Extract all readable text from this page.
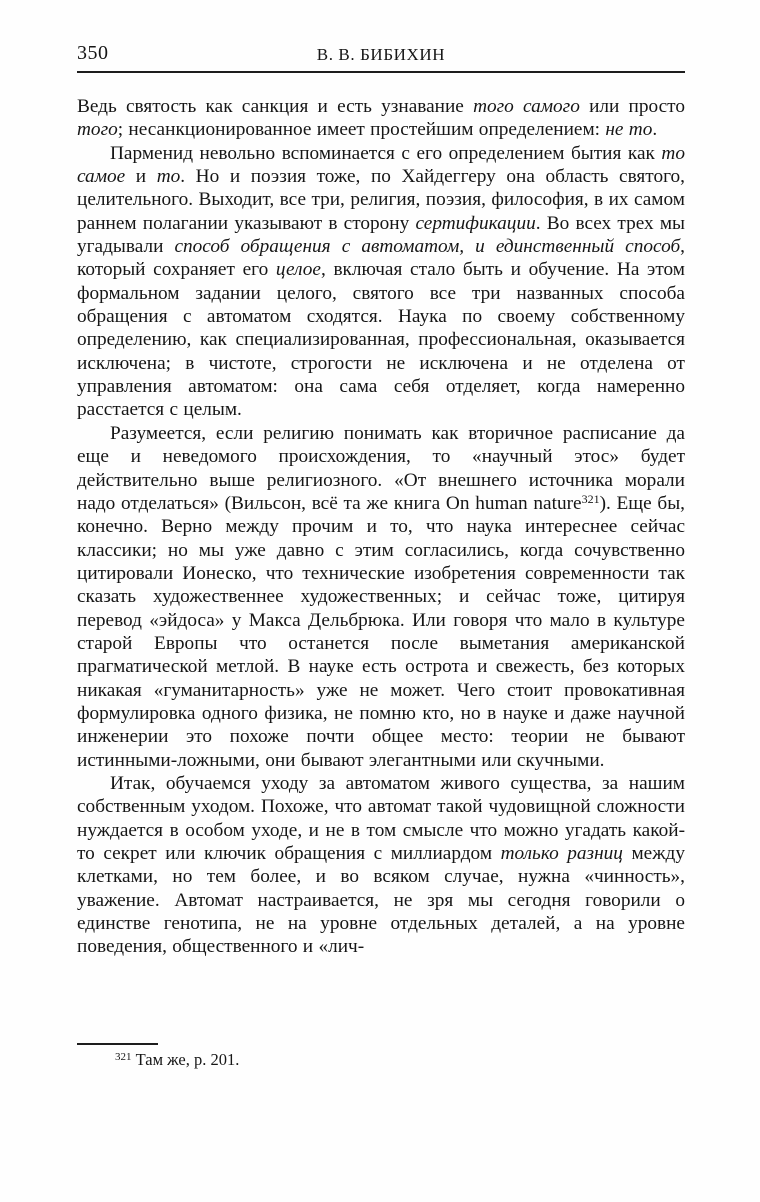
350	В. В. БИБИХИН

Ведь святость как санкция и есть узнавание того самого или просто того; несанкционированное имеет простейшим определением: не то.

Парменид невольно вспоминается с его определением бытия как то самое и то. Но и поэзия тоже, по Хайдеггеру она область святого, целительного. Выходит, все три, религия, поэзия, философия, в их самом раннем полагании указывают в сторону сертификации. Во всех трех мы угадывали способ обращения с автоматом, и единственный способ, который сохраняет его целое, включая стало быть и обучение. На этом формальном задании целого, святого все три названных способа обращения с автоматом сходятся. Наука по своему собственному определению, как специализированная, профессиональная, оказывается исключена; в чистоте, строгости не исключена и не отделена от управления автоматом: она сама себя отделяет, когда намеренно расстается с целым.

Разумеется, если религию понимать как вторичное расписание да еще и неведомого происхождения, то «научный этос» будет действительно выше религиозного. «От внешнего источника морали надо отделаться» (Вильсон, всё та же книга On human nature$^{321}$). Еще бы, конечно. Верно между прочим и то, что наука интереснее сейчас классики; но мы уже давно с этим согласились, когда сочувственно цитировали Ионеско, что технические изобретения современности так сказать художественнее художественных; и сейчас тоже, цитируя перевод «эйдоса» у Макса Дельбрюка. Или говоря что мало в культуре старой Европы что останется после выметания американской прагматической метлой. В науке есть острота и свежесть, без которых никакая «гуманитарность» уже не может. Чего стоит провокативная формулировка одного физика, не помню кто, но в науке и даже научной инженерии это похоже почти общее место: теории не бывают истинными-ложными, они бывают элегантными или скучными.

Итак, обучаемся уходу за автоматом живого существа, за нашим собственным уходом. Похоже, что автомат такой чудовищной сложности нуждается в особом уходе, и не в том смысле что можно угадать какой-то секрет или ключик обращения с миллиардом только разниц между клетками, но тем более, и во всяком случае, нужна «чинность», уважение. Автомат настраивается, не зря мы сегодня говорили о единстве генотипа, не на уровне отдельных деталей, а на уровне поведения, общественного и «лич-

$^{321}$ Там же, p. 201.
